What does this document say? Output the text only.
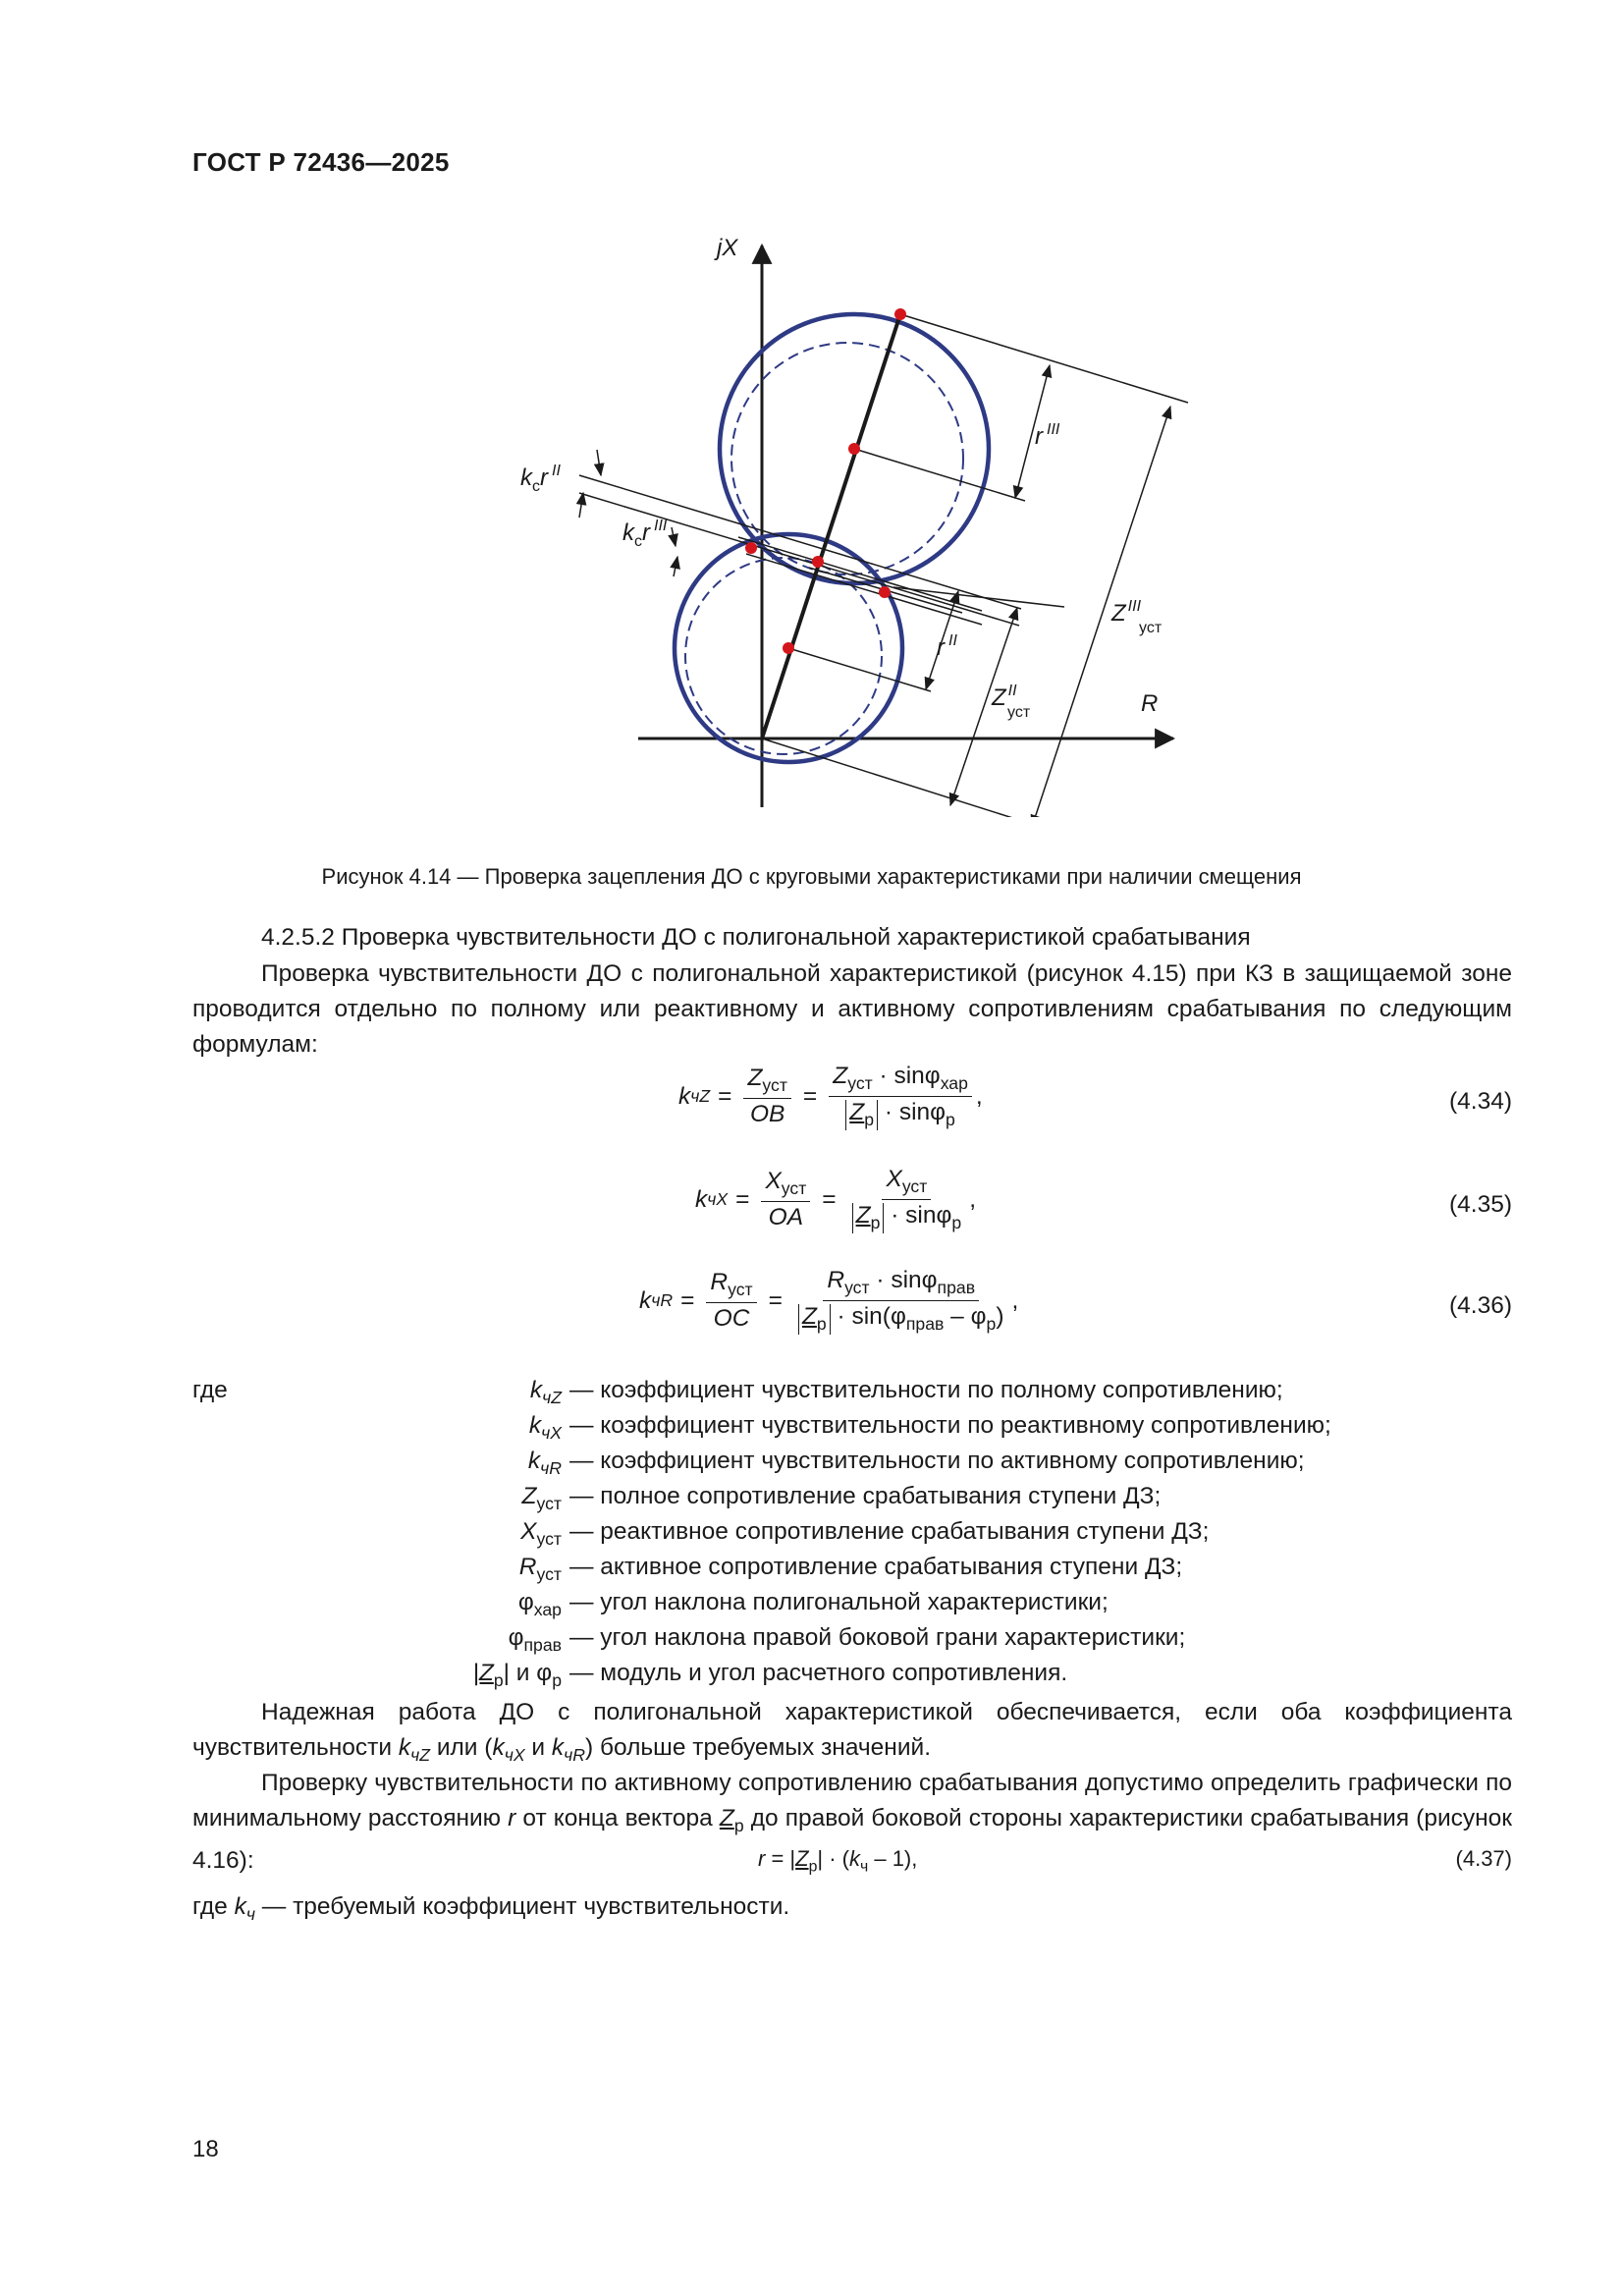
ГОСТ Р 72436—2025
jX
R
r $^{III}$
r $^{II}$
$k_сr$ $^{II}$
$k_сr$ $^{III}$
Z $^{III}$ уст
Z $^{II}$ уст
Рисунок 4.14 — Проверка зацепления ДО с круговыми характеристиками при наличии смещения
4.2.5.2 Проверка чувствительности ДО с полигональной характеристикой срабатывания
Проверка чувствительности ДО с полигональной характеристикой (рисунок 4.15) при КЗ в защищаемой зоне проводится отдельно по полному или реактивному и активному сопротивлениям срабатывания по следующим формулам:
k чZ = $\frac{Z_{уст}}{OB} = \frac{Z_{уст} \cdot \sin\varphi_{хар}}{Z_р \cdot \sin\varphi_р}$ ,	(4.34)
k чX = $\frac{X_{уст}}{OA} = \frac{X_{уст}}{Z_р \cdot \sin\varphi_р}$ ,	(4.35)
k чR = $\frac{R_{уст}}{OC} = \frac{R_{уст} \cdot \sin\varphi_{прав}}{Z_р \cdot \sin(\varphi_{прав} - \varphi_р)}$ ,	(4.36)
где	$k_{чZ}$ — коэффициент чувствительности по полному сопротивлению;
$k_{чX}$ — коэффициент чувствительности по реактивному сопротивлению;
$k_{чR}$ — коэффициент чувствительности по активному сопротивлению;
$Z_{уст}$ — полное сопротивление срабатывания ступени ДЗ;
$X_{уст}$ — реактивное сопротивление срабатывания ступени ДЗ;
$R_{уст}$ — активное сопротивление срабатывания ступени ДЗ;
$\varphi_{хар}$ — угол наклона полигональной характеристики;
$\varphi_{прав}$ — угол наклона правой боковой грани характеристики;
$|Z_р|$ и $\varphi_р$ — модуль и угол расчетного сопротивления.
Надежная работа ДО с полигональной характеристикой обеспечивается, если оба коэффициента чувствительности $k_{чZ}$ или ($k_{чX}$ и $k_{чR}$) больше требуемых значений.
Проверку чувствительности по активному сопротивлению срабатывания допустимо определить графически по минимальному расстоянию r от конца вектора $Z_р$ до правой боковой стороны характеристики срабатывания (рисунок 4.16):	$r = |Z_р| \cdot (k_ч - 1)$,	(4.37)
где $k_ч$ — требуемый коэффициент чувствительности.
18
